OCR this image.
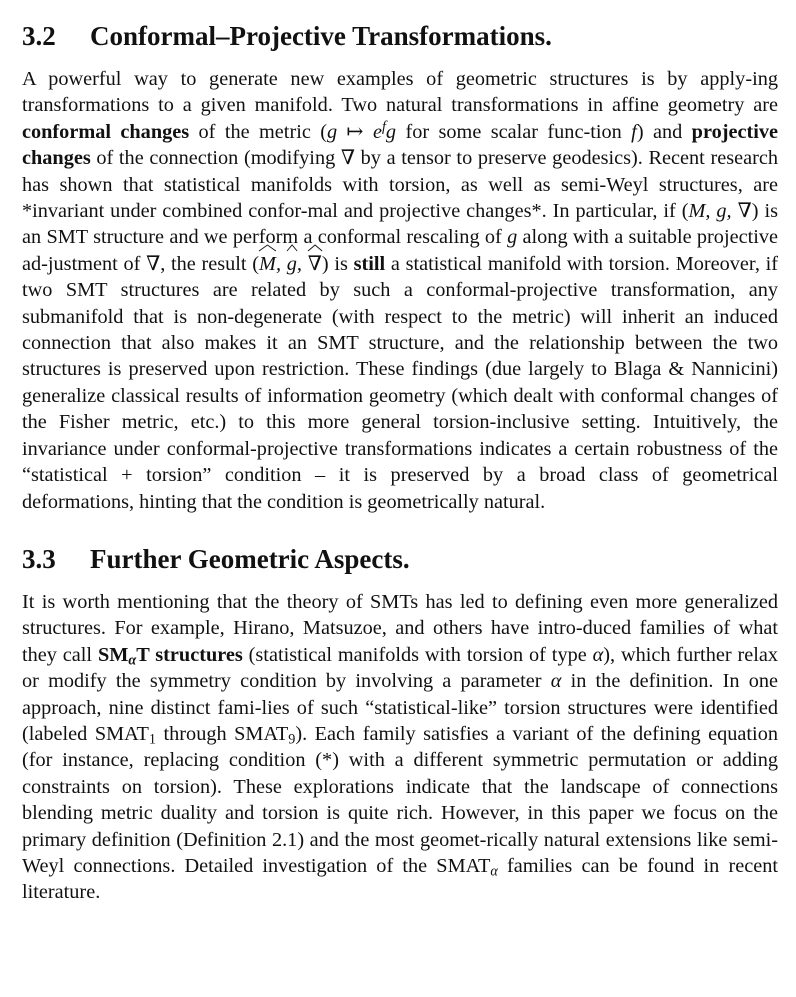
3.2 Conformal–Projective Transformations.

A powerful way to generate new examples of geometric structures is by apply-ing transformations to a given manifold. Two natural transformations in affine geometry are conformal changes of the metric (g ↦ $e^fg$ for some scalar func-tion f) and projective changes of the connection (modifying ∇ by a tensor to preserve geodesics). Recent research has shown that statistical manifolds with torsion, as well as semi-Weyl structures, are *invariant under combined confor-mal and projective changes*. In particular, if (M, g, ∇) is an SMT structure and we perform a conformal rescaling of g along with a suitable projective ad-justment of ∇, the result (
M,
g,
∇) is still a statistical manifold with torsion. Moreover, if two SMT structures are related by such a conformal-projective transformation, any submanifold that is non-degenerate (with respect to the metric) will inherit an induced connection that also makes it an SMT structure, and the relationship between the two structures is preserved upon restriction. These findings (due largely to Blaga & Nannicini) generalize classical results of information geometry (which dealt with conformal changes of the Fisher metric, etc.) to this more general torsion-inclusive setting. Intuitively, the invariance under conformal-projective transformations indicates a certain robustness of the “statistical + torsion” condition – it is preserved by a broad class of geometrical deformations, hinting that the condition is geometrically natural.

3.3 Further Geometric Aspects.

It is worth mentioning that the theory of SMTs has led to defining even more generalized structures. For example, Hirano, Matsuzoe, and others have intro-duced families of what they call $SM_\alpha T$ structures (statistical manifolds with torsion of type α), which further relax or modify the symmetry condition by involving a parameter α in the definition. In one approach, nine distinct fami-lies of such “statistical-like” torsion structures were identified (labeled $SMAT_1$ through $SMAT_9$). Each family satisfies a variant of the defining equation (for instance, replacing condition (*) with a different symmetric permutation or adding constraints on torsion). These explorations indicate that the landscape of connections blending metric duality and torsion is quite rich. However, in this paper we focus on the primary definition (Definition 2.1) and the most geomet-rically natural extensions like semi-Weyl connections. Detailed investigation of the $SMAT_\alpha$ families can be found in recent literature.
